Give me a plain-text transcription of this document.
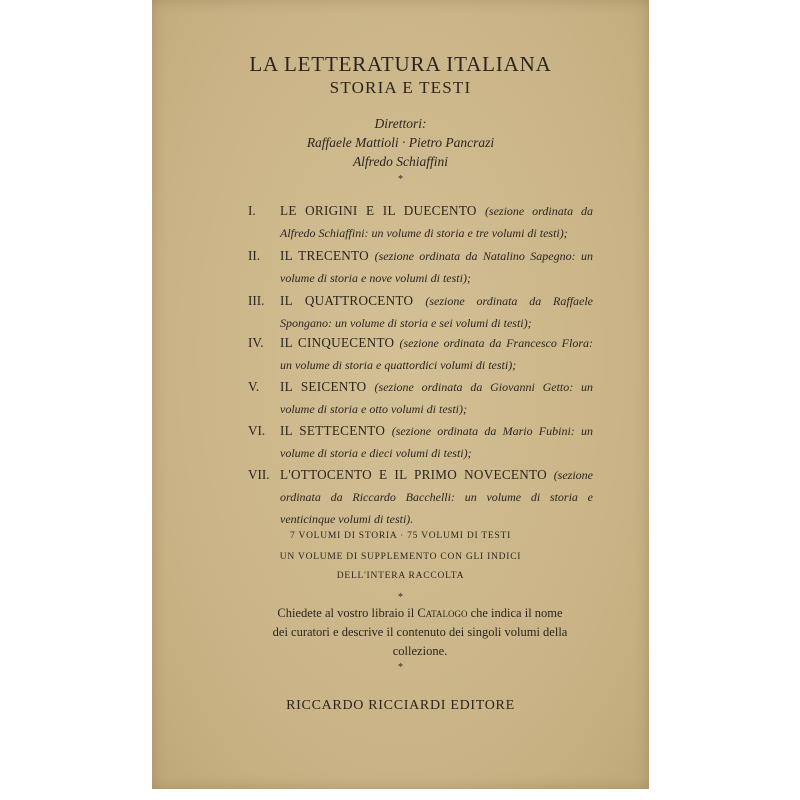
LA LETTERATURA ITALIANA
STORIA E TESTI
Direttori:
Raffaele Mattioli · Pietro Pancrazi
Alfredo Schiaffini
*
I. LE ORIGINI E IL DUECENTO (sezione ordinata da Alfredo Schiaffini: un volume di storia e tre volumi di testi);
II. IL TRECENTO (sezione ordinata da Natalino Sapegno: un volume di storia e nove volumi di testi);
III. IL QUATTROCENTO (sezione ordinata da Raffaele Spongano: un volume di storia e sei volumi di testi);
IV. IL CINQUECENTO (sezione ordinata da Francesco Flora: un volume di storia e quattordici volumi di testi);
V. IL SEICENTO (sezione ordinata da Giovanni Getto: un volume di storia e otto volumi di testi);
VI. IL SETTECENTO (sezione ordinata da Mario Fubini: un volume di storia e dieci volumi di testi);
VII. L'OTTOCENTO E IL PRIMO NOVECENTO (sezione ordinata da Riccardo Bacchelli: un volume di storia e venticinque volumi di testi).
7 VOLUMI DI STORIA · 75 VOLUMI DI TESTI
UN VOLUME DI SUPPLEMENTO CON GLI INDICI
DELL'INTERA RACCOLTA
*
Chiedete al vostro libraio il Catalogo che indica il nome dei curatori e descrive il contenuto dei singoli volumi della collezione.
*
RICCARDO RICCIARDI EDITORE
